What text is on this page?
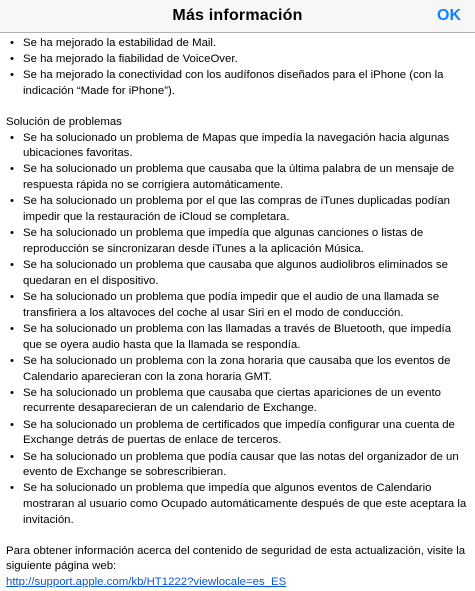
Más información	OK
• Se ha mejorado la estabilidad de Mail.
• Se ha mejorado la fiabilidad de VoiceOver.
• Se ha mejorado la conectividad con los audífonos diseñados para el iPhone (con la indicación “Made for iPhone”).
Solución de problemas
• Se ha solucionado un problema de Mapas que impedía la navegación hacia algunas ubicaciones favoritas.
• Se ha solucionado un problema que causaba que la última palabra de un mensaje de respuesta rápida no se corrigiera automáticamente.
• Se ha solucionado un problema por el que las compras de iTunes duplicadas podían impedir que la restauración de iCloud se completara.
• Se ha solucionado un problema que impedía que algunas canciones o listas de reproducción se sincronizaran desde iTunes a la aplicación Música.
• Se ha solucionado un problema que causaba que algunos audiolibros eliminados se quedaran en el dispositivo.
• Se ha solucionado un problema que podía impedir que el audio de una llamada se transfiriera a los altavoces del coche al usar Siri en el modo de conducción.
• Se ha solucionado un problema con las llamadas a través de Bluetooth, que impedía que se oyera audio hasta que la llamada se respondía.
• Se ha solucionado un problema con la zona horaria que causaba que los eventos de Calendario aparecieran con la zona horaria GMT.
• Se ha solucionado un problema que causaba que ciertas apariciones de un evento recurrente desaparecieran de un calendario de Exchange.
• Se ha solucionado un problema de certificados que impedía configurar una cuenta de Exchange detrás de puertas de enlace de terceros.
• Se ha solucionado un problema que podía causar que las notas del organizador de un evento de Exchange se sobrescribieran.
• Se ha solucionado un problema que impedía que algunos eventos de Calendario mostraran al usuario como Ocupado automáticamente después de que este aceptara la invitación.
Para obtener información acerca del contenido de seguridad de esta actualización, visite la siguiente página web:
http://support.apple.com/kb/HT1222?viewlocale=es_ES
